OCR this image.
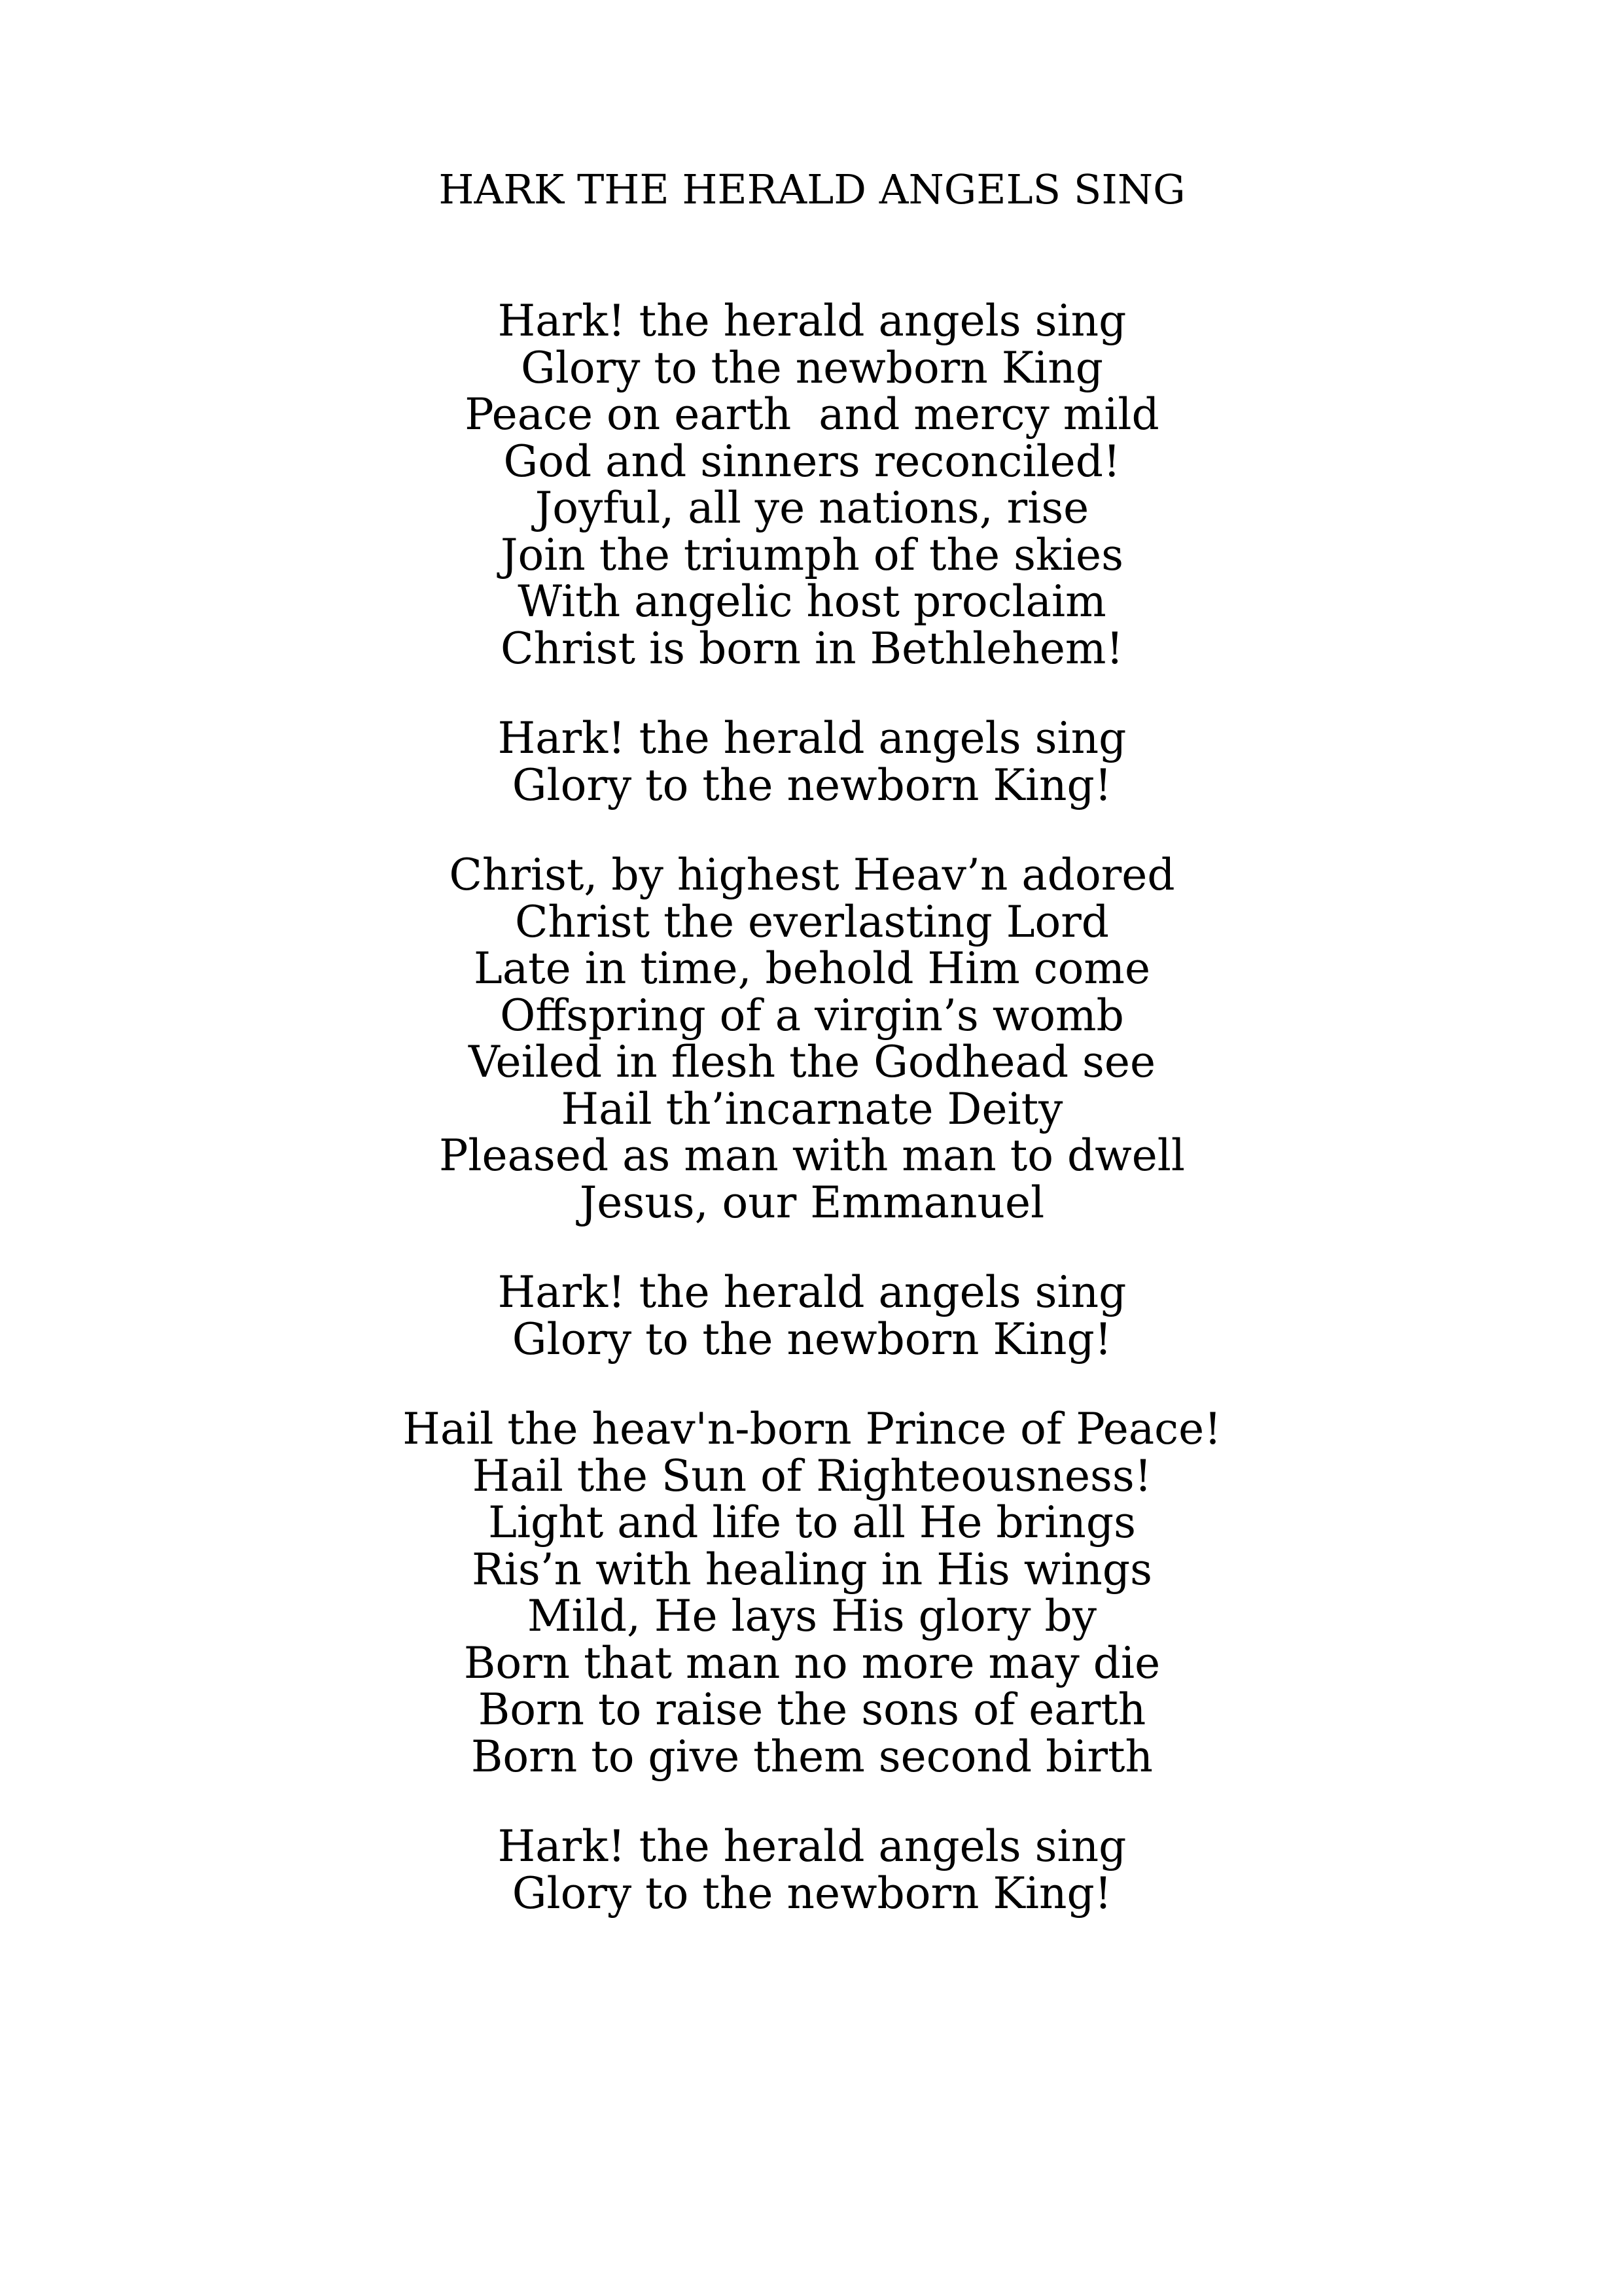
HARK THE HERALD ANGELS SING
Hark! the herald angels sing
Glory to the newborn King
Peace on earth  and mercy mild
God and sinners reconciled!
Joyful, all ye nations, rise
Join the triumph of the skies
With angelic host proclaim
Christ is born in Bethlehem!
Hark! the herald angels sing
Glory to the newborn King!
Christ, by highest Heav’n adored
Christ the everlasting Lord
Late in time, behold Him come
Offspring of a virgin’s womb
Veiled in flesh the Godhead see
Hail th’incarnate Deity
Pleased as man with man to dwell
Jesus, our Emmanuel
Hark! the herald angels sing
Glory to the newborn King!
Hail the heav'n-born Prince of Peace!
Hail the Sun of Righteousness!
Light and life to all He brings
Ris’n with healing in His wings
Mild, He lays His glory by
Born that man no more may die
Born to raise the sons of earth
Born to give them second birth
Hark! the herald angels sing
Glory to the newborn King!
